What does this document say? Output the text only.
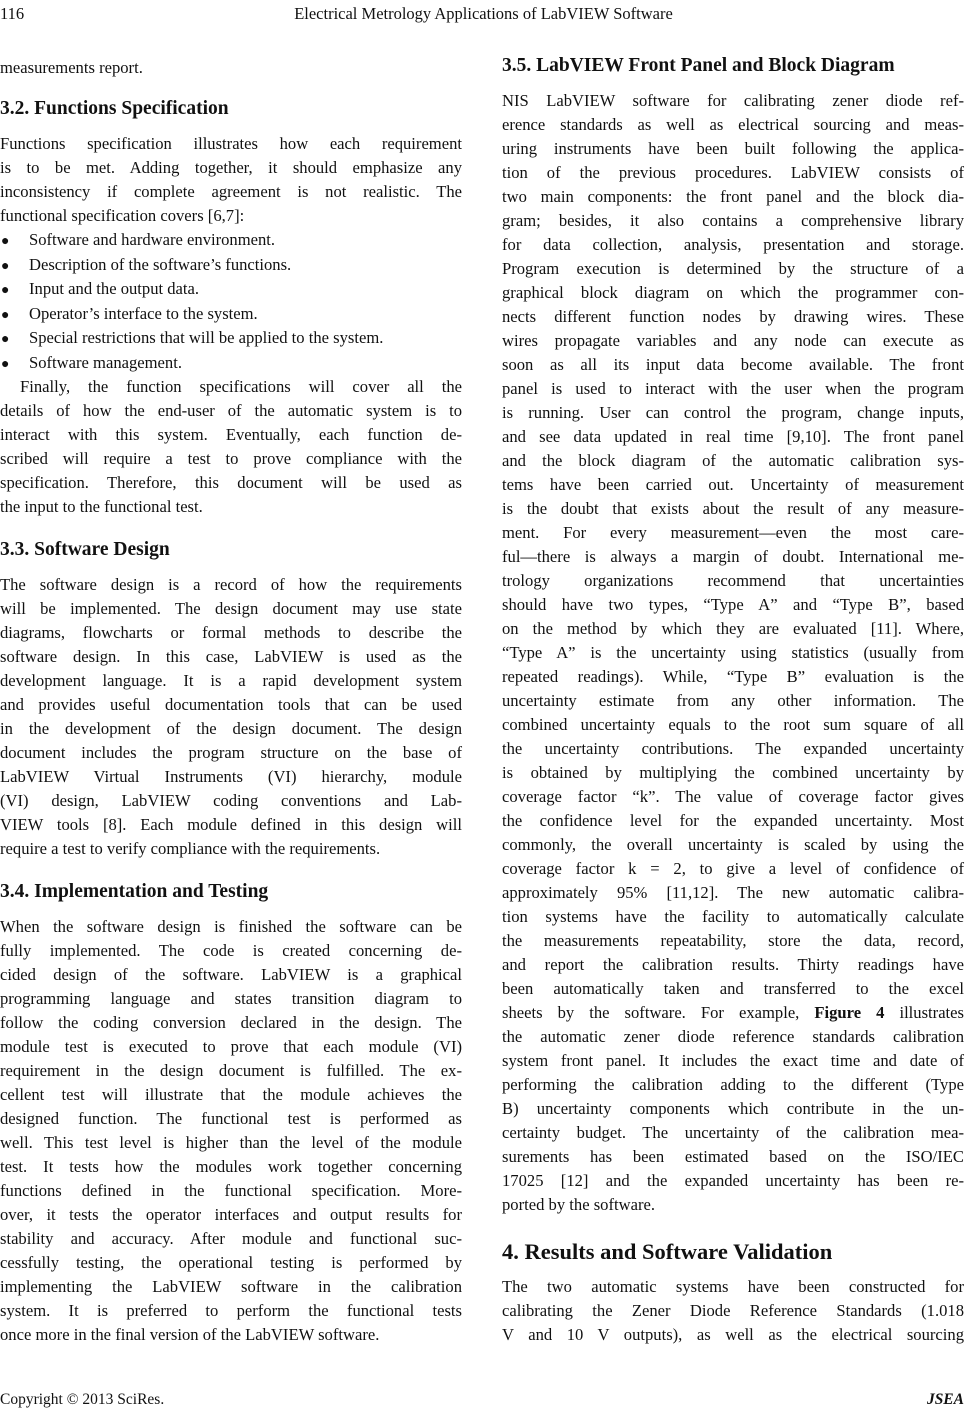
116	Electrical Metrology Applications of LabVIEW Software
measurements report.
3.2. Functions Specification
Functions specification illustrates how each requirement
is to be met. Adding together, it should emphasize any
inconsistency if complete agreement is not realistic. The
functional specification covers [6,7]:
● Software and hardware environment.
● Description of the software’s functions.
● Input and the output data.
● Operator’s interface to the system.
● Special restrictions that will be applied to the system.
● Software management.
Finally, the function specifications will cover all the
details of how the end-user of the automatic system is to
interact with this system. Eventually, each function de-
scribed will require a test to prove compliance with the
specification. Therefore, this document will be used as
the input to the functional test.
3.3. Software Design
The software design is a record of how the requirements
will be implemented. The design document may use state
diagrams, flowcharts or formal methods to describe the
software design. In this case, LabVIEW is used as the
development language. It is a rapid development system
and provides useful documentation tools that can be used
in the development of the design document. The design
document includes the program structure on the base of
LabVIEW Virtual Instruments (VI) hierarchy, module
(VI) design, LabVIEW coding conventions and Lab-
VIEW tools [8]. Each module defined in this design will
require a test to verify compliance with the requirements.
3.4. Implementation and Testing
When the software design is finished the software can be
fully implemented. The code is created concerning de-
cided design of the software. LabVIEW is a graphical
programming language and states transition diagram to
follow the coding conversion declared in the design. The
module test is executed to prove that each module (VI)
requirement in the design document is fulfilled. The ex-
cellent test will illustrate that the module achieves the
designed function. The functional test is performed as
well. This test level is higher than the level of the module
test. It tests how the modules work together concerning
functions defined in the functional specification. More-
over, it tests the operator interfaces and output results for
stability and accuracy. After module and functional suc-
cessfully testing, the operational testing is performed by
implementing the LabVIEW software in the calibration
system. It is preferred to perform the functional tests
once more in the final version of the LabVIEW software.
3.5. LabVIEW Front Panel and Block Diagram
NIS LabVIEW software for calibrating zener diode ref-
erence standards as well as electrical sourcing and meas-
uring instruments have been built following the applica-
tion of the previous procedures. LabVIEW consists of
two main components: the front panel and the block dia-
gram; besides, it also contains a comprehensive library
for data collection, analysis, presentation and storage.
Program execution is determined by the structure of a
graphical block diagram on which the programmer con-
nects different function nodes by drawing wires. These
wires propagate variables and any node can execute as
soon as all its input data become available. The front
panel is used to interact with the user when the program
is running. User can control the program, change inputs,
and see data updated in real time [9,10]. The front panel
and the block diagram of the automatic calibration sys-
tems have been carried out. Uncertainty of measurement
is the doubt that exists about the result of any measure-
ment. For every measurement—even the most care-
ful—there is always a margin of doubt. International me-
trology organizations recommend that uncertainties
should have two types, “Type A” and “Type B”, based
on the method by which they are evaluated [11]. Where,
“Type A” is the uncertainty using statistics (usually from
repeated readings). While, “Type B” evaluation is the
uncertainty estimate from any other information. The
combined uncertainty equals to the root sum square of all
the uncertainty contributions. The expanded uncertainty
is obtained by multiplying the combined uncertainty by
coverage factor “k”. The value of coverage factor gives
the confidence level for the expanded uncertainty. Most
commonly, the overall uncertainty is scaled by using the
coverage factor k = 2, to give a level of confidence of
approximately 95% [11,12]. The new automatic calibra-
tion systems have the facility to automatically calculate
the measurements repeatability, store the data, record,
and report the calibration results. Thirty readings have
been automatically taken and transferred to the excel
sheets by the software. For example, Figure 4 illustrates
the automatic zener diode reference standards calibration
system front panel. It includes the exact time and date of
performing the calibration adding to the different (Type
B) uncertainty components which contribute in the un-
certainty budget. The uncertainty of the calibration mea-
surements has been estimated based on the ISO/IEC
17025 [12] and the expanded uncertainty has been re-
ported by the software.
4. Results and Software Validation
The two automatic systems have been constructed for
calibrating the Zener Diode Reference Standards (1.018
V and 10 V outputs), as well as the electrical sourcing
Copyright © 2013 SciRes.	JSEA
